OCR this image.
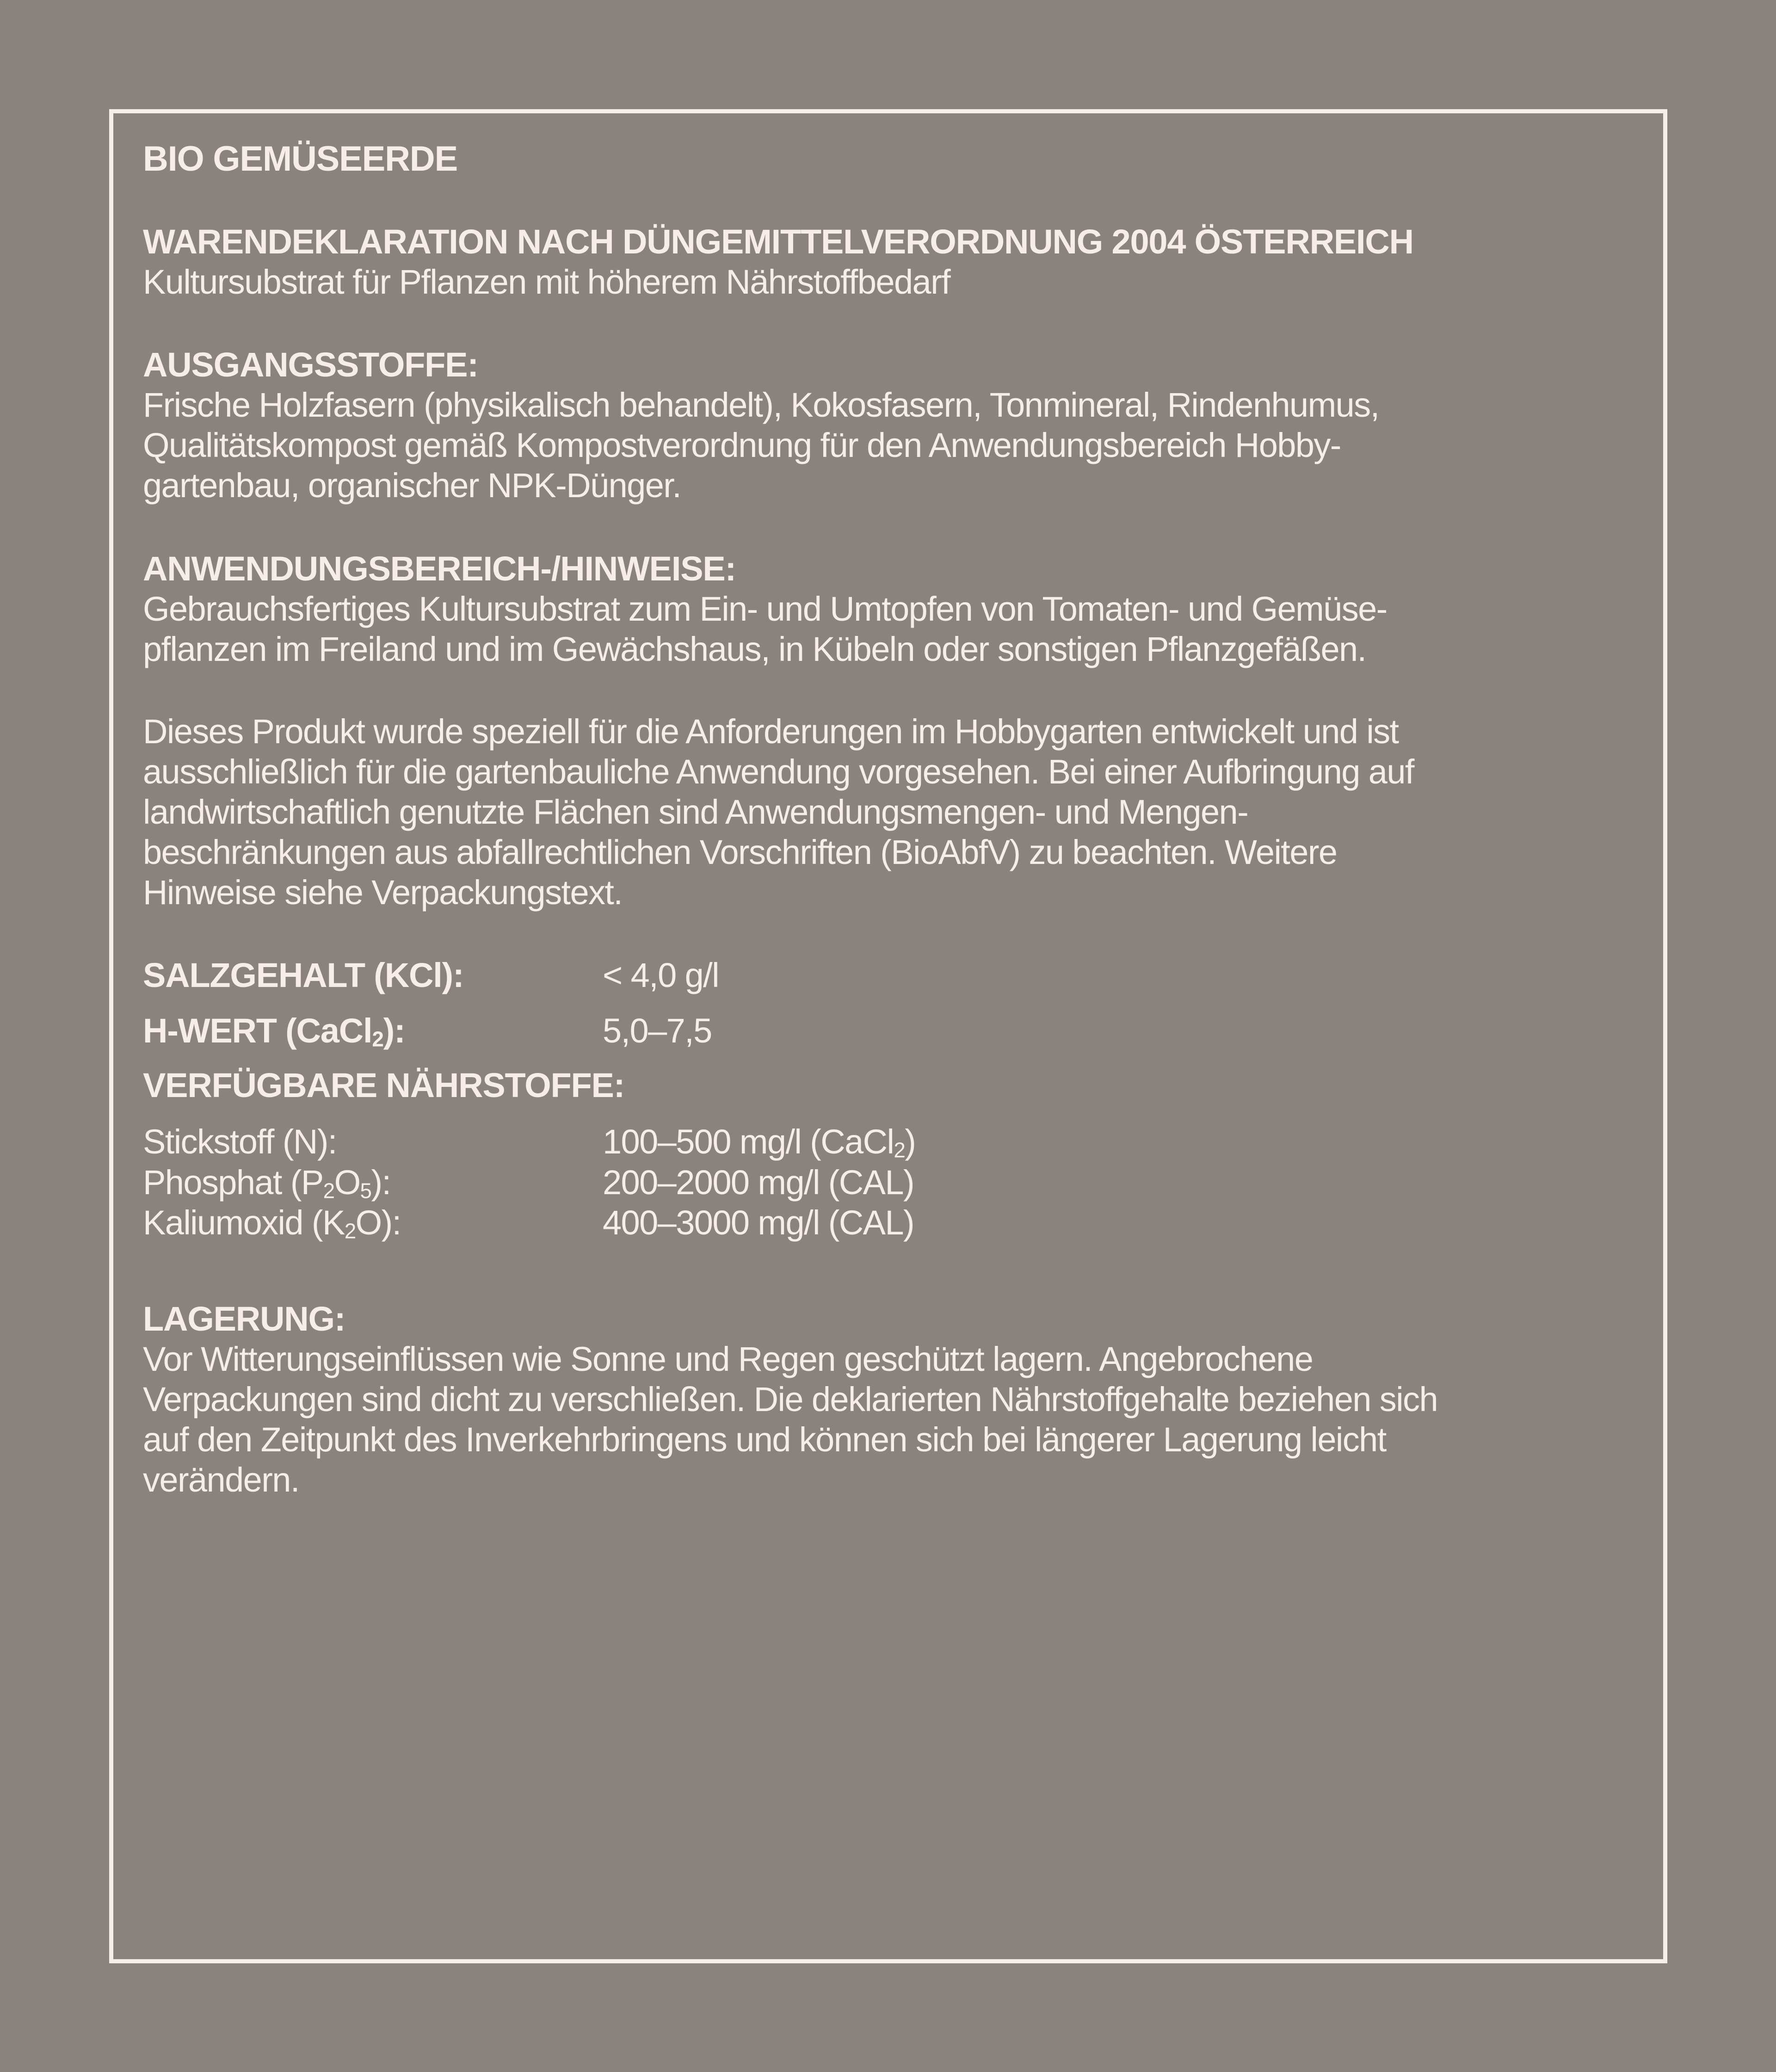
BIO GEMÜSEERDE
WARENDEKLARATION NACH DÜNGEMITTELVERORDNUNG 2004 ÖSTERREICH
Kultursubstrat für Pflanzen mit höherem Nährstoffbedarf
AUSGANGSSTOFFE:
Frische Holzfasern (physikalisch behandelt), Kokosfasern, Tonmineral, Rindenhumus,
Qualitätskompost gemäß Kompostverordnung für den Anwendungsbereich Hobby-
gartenbau, organischer NPK-Dünger.
ANWENDUNGSBEREICH-/HINWEISE:
Gebrauchsfertiges Kultursubstrat zum Ein- und Umtopfen von Tomaten- und Gemüse-
pflanzen im Freiland und im Gewächshaus, in Kübeln oder sonstigen Pflanzgefäßen.
Dieses Produkt wurde speziell für die Anforderungen im Hobbygarten entwickelt und ist
ausschließlich für die gartenbauliche Anwendung vorgesehen. Bei einer Aufbringung auf
landwirtschaftlich genutzte Flächen sind Anwendungsmengen- und Mengen-
beschränkungen aus abfallrechtlichen Vorschriften (BioAbfV) zu beachten. Weitere
Hinweise siehe Verpackungstext.
SALZGEHALT (KCl):	< 4,0 g/l
H-WERT (CaCl$_2$):	5,0–7,5
VERFÜGBARE NÄHRSTOFFE:
Stickstoff (N):	100–500 mg/l (CaCl$_2$)
Phosphat $(P_2O_5)$:	200–2000 mg/l (CAL)
Kaliumoxid $(K_2O)$:	400–3000 mg/l (CAL)
LAGERUNG:
Vor Witterungseinflüssen wie Sonne und Regen geschützt lagern. Angebrochene
Verpackungen sind dicht zu verschließen. Die deklarierten Nährstoffgehalte beziehen sich
auf den Zeitpunkt des Inverkehrbringens und können sich bei längerer Lagerung leicht
verändern.
